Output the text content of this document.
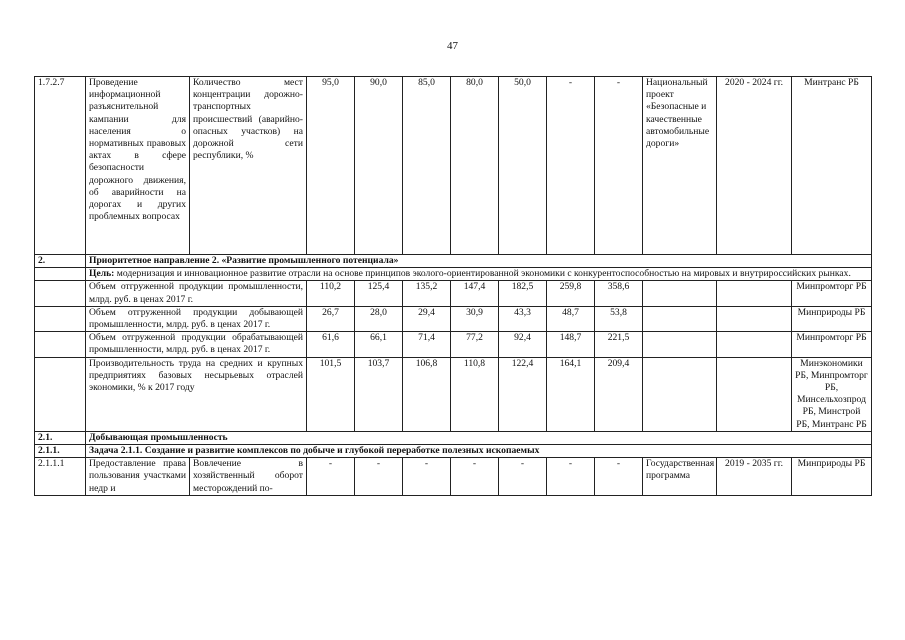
47
1.7.2.7	Проведение информационной разъяснительной кампании для населения о нормативных правовых актах в сфере безопасности дорожного движения, об аварийности на дорогах и других проблемных вопросах	Количество мест концентрации дорожно-транспортных происшествий (аварийно-опасных участков) на дорожной сети республики, %	95,0	90,0	85,0	80,0	50,0	-	-	Национальный проект «Безопасные и качественные автомобильные дороги»	2020 - 2024 гг.	Минтранс РБ
2.	Приоритетное направление 2. «Развитие промышленного потенциала»											
	Цель: модернизация и инновационное развитие отрасли на основе принципов эколого-ориентированной экономики с конкурентоспособностью на мировых и внутрироссийских рынках.											
	Объем отгруженной продукции промышленности, млрд. руб. в ценах 2017 г.		110,2	125,4	135,2	147,4	182,5	259,8	358,6			Минпромторг РБ
	Объем отгруженной продукции добывающей промышленности, млрд. руб. в ценах 2017 г.		26,7	28,0	29,4	30,9	43,3	48,7	53,8			Минприроды РБ
	Объем отгруженной продукции обрабатывающей промышленности, млрд. руб. в ценах 2017 г.		61,6	66,1	71,4	77,2	92,4	148,7	221,5			Минпромторг РБ
	Производительность труда на средних и крупных предприятиях базовых несырьевых отраслей экономики, % к 2017 году		101,5	103,7	106,8	110,8	122,4	164,1	209,4			Минэкономики РБ, Минпромторг РБ, Минсельхозпрод РБ, Минстрой РБ, Минтранс РБ
2.1.	Добывающая промышленность											
2.1.1.	Задача 2.1.1. Создание и развитие комплексов по добыче и глубокой переработке полезных ископаемых											
2.1.1.1	Предоставление права пользования участками недр и	Вовлечение в хозяйственный оборот месторождений по-	-	-	-	-	-	-	-	Государственная программа	2019 - 2035 гг.	Минприроды РБ
